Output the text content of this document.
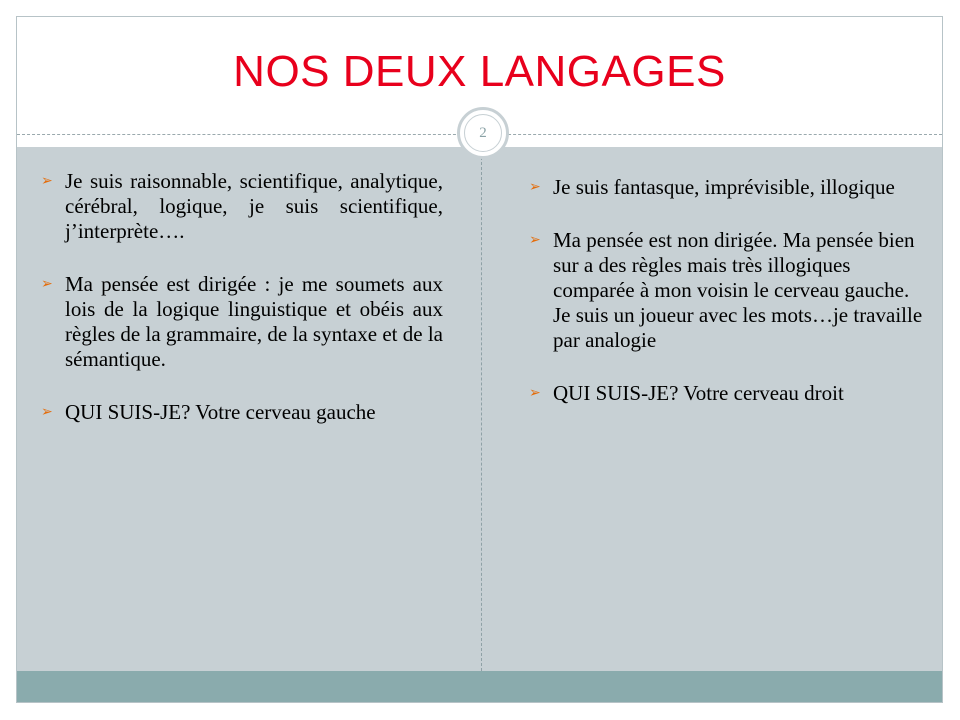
NOS DEUX LANGAGES
2
➢ Je suis raisonnable, scientifique, analytique, cérébral, logique, je suis scientifique, j’interprète….
➢ Ma pensée est dirigée : je me soumets aux lois de la logique linguistique et obéis aux règles de la grammaire, de la syntaxe et de la sémantique.
➢ QUI SUIS-JE? Votre cerveau gauche
➢ Je suis fantasque, imprévisible, illogique
➢ Ma pensée est non dirigée. Ma pensée bien sur a des règles mais très illogiques comparée à mon voisin le cerveau gauche. Je suis un joueur avec les mots…je travaille par analogie
➢ QUI SUIS-JE? Votre cerveau droit
